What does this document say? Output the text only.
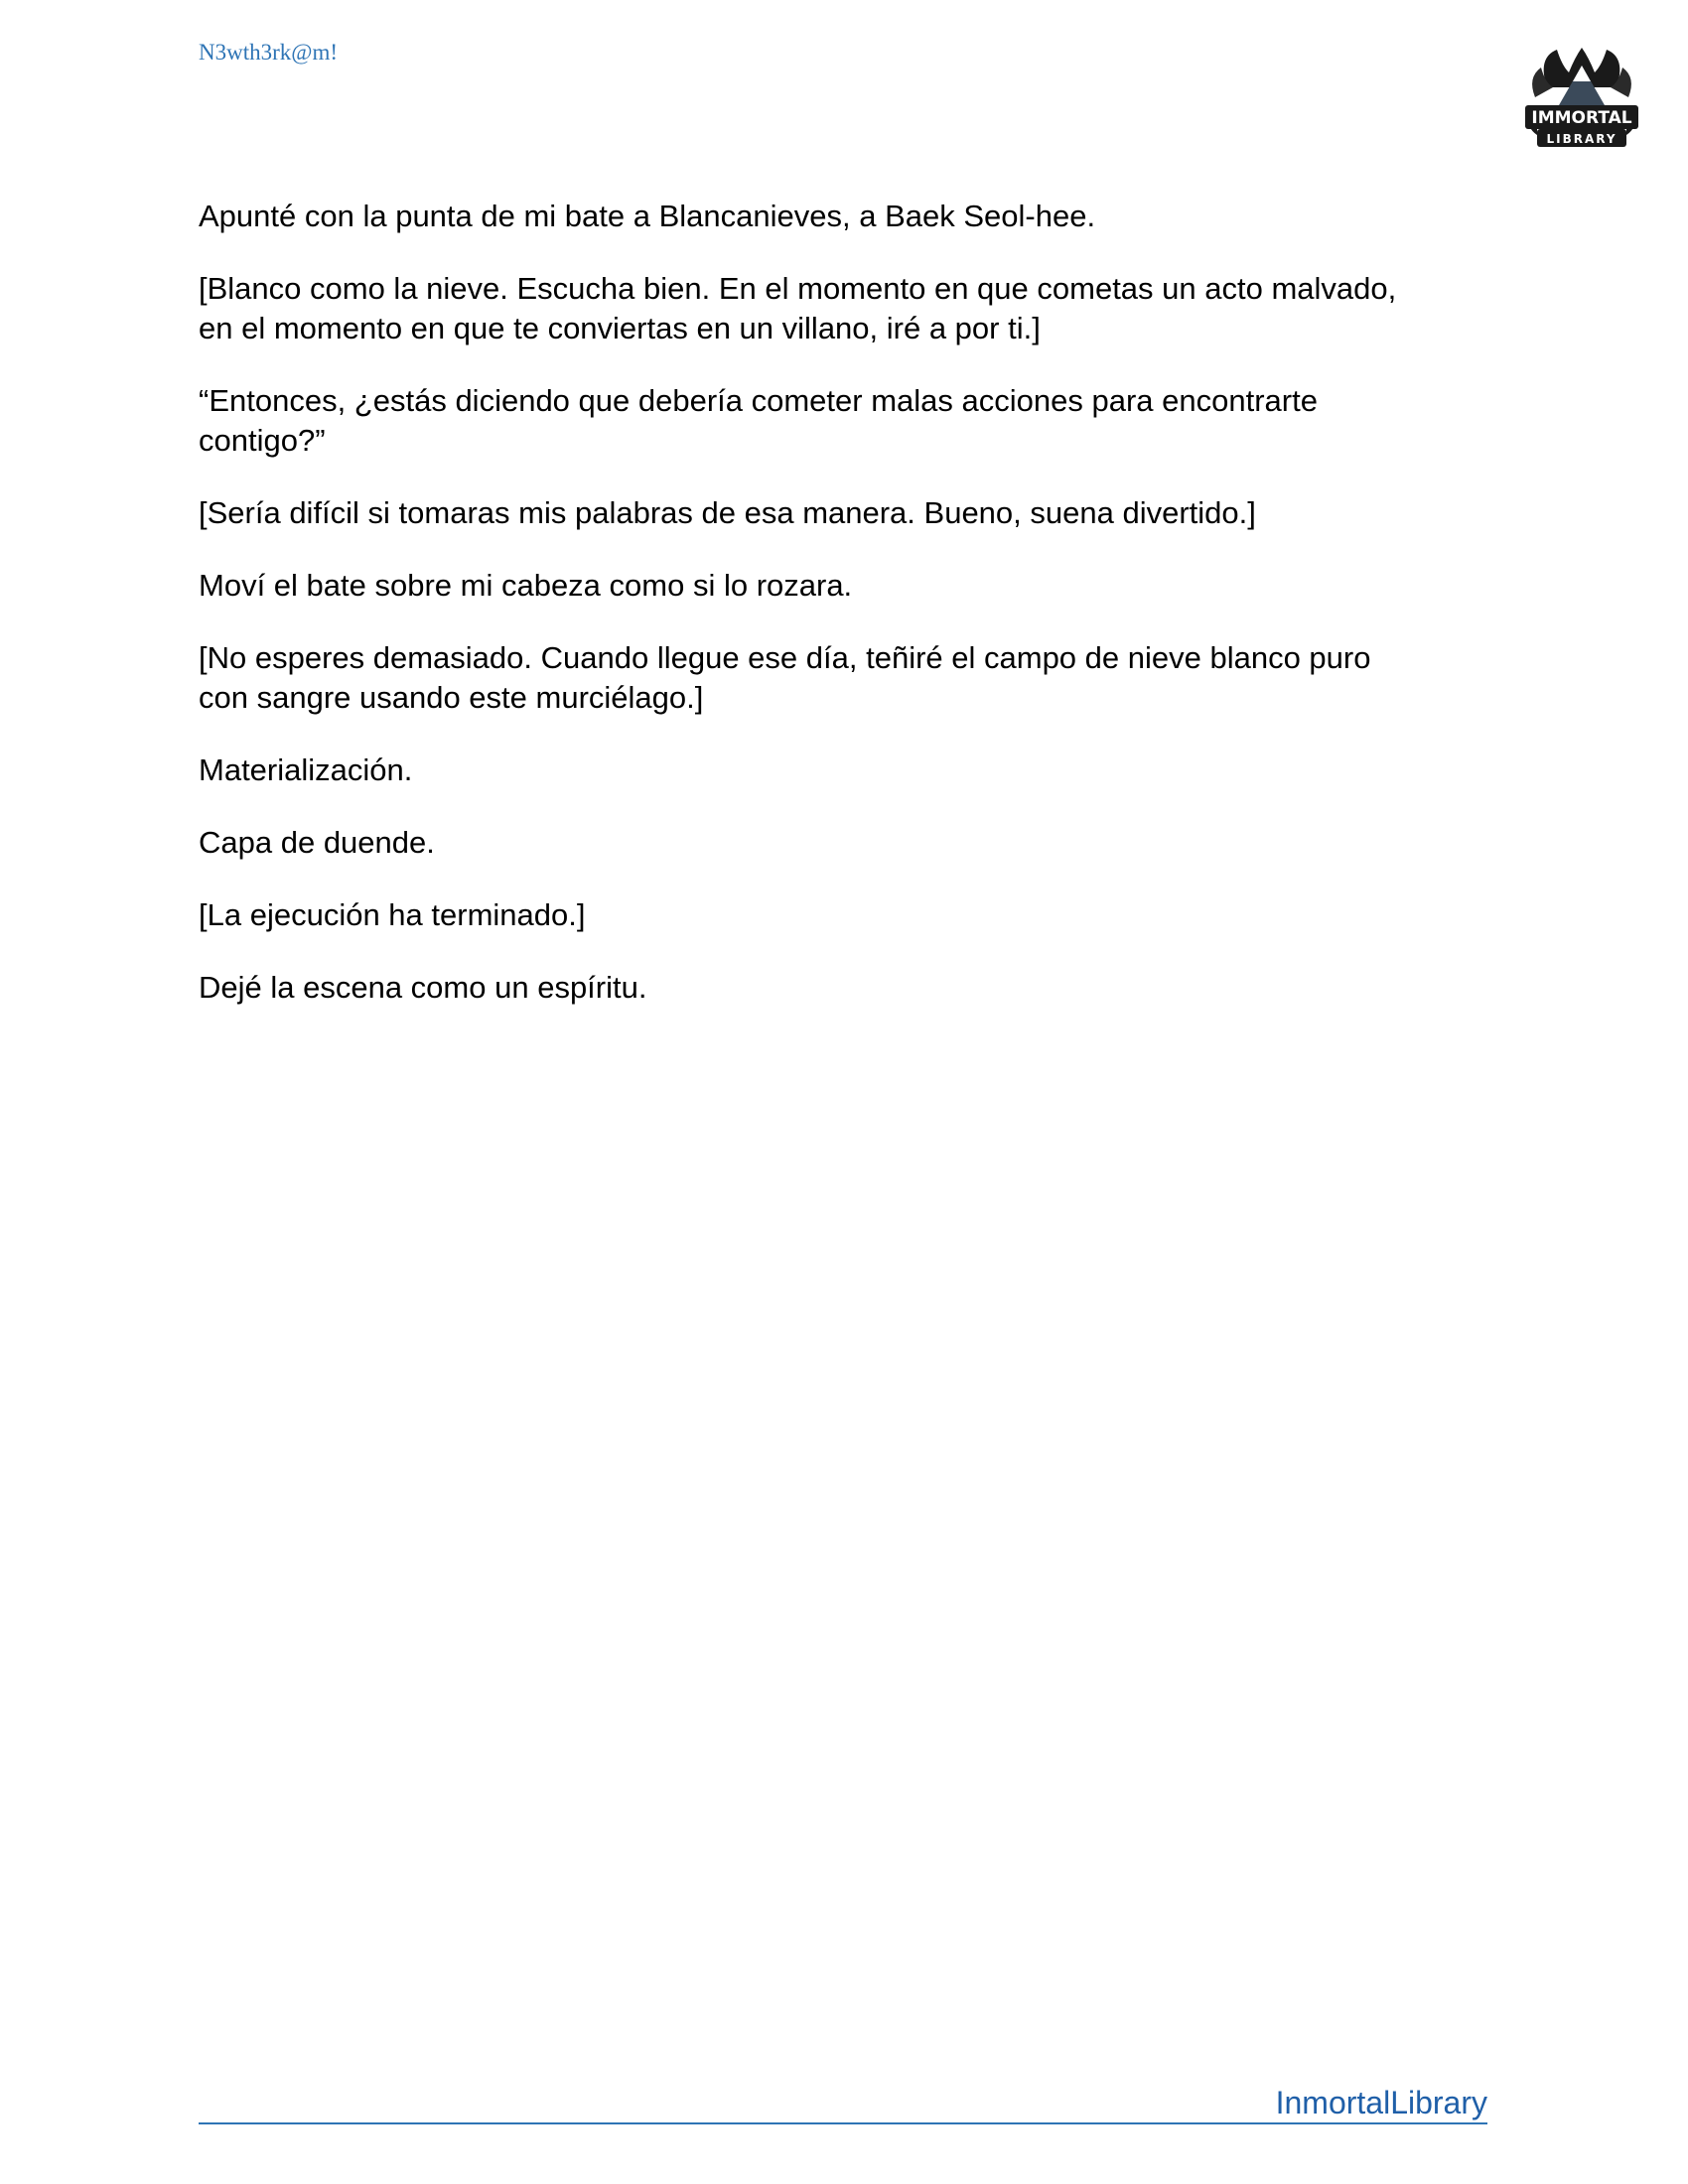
N3wth3rk@m!
IMMORTAL
LIBRARY

Apunté con la punta de mi bate a Blancanieves, a Baek Seol-hee.

[Blanco como la nieve. Escucha bien. En el momento en que cometas un acto malvado,
en el momento en que te conviertas en un villano, iré a por ti.]

“Entonces, ¿estás diciendo que debería cometer malas acciones para encontrarte
contigo?”

[Sería difícil si tomaras mis palabras de esa manera. Bueno, suena divertido.]

Moví el bate sobre mi cabeza como si lo rozara.

[No esperes demasiado. Cuando llegue ese día, teñiré el campo de nieve blanco puro
con sangre usando este murciélago.]

Materialización.

Capa de duende.

[La ejecución ha terminado.]

Dejé la escena como un espíritu.

InmortalLibrary
